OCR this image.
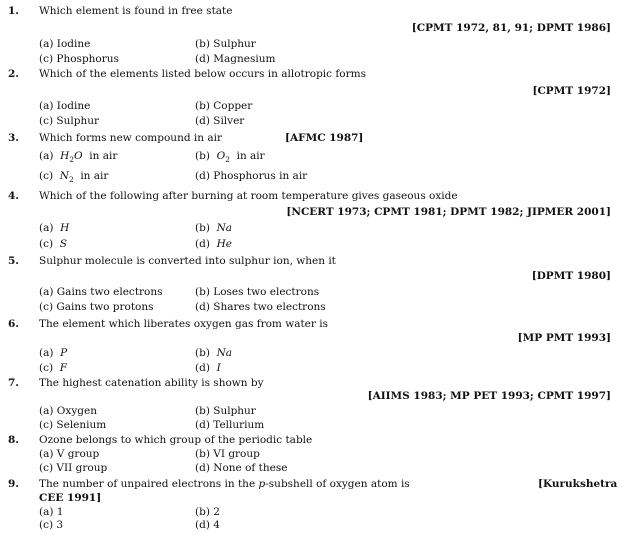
1. Which element is found in free state
[CPMT 1972, 81, 91; DPMT 1986]
(a) Iodine	(b) Sulphur
(c) Phosphorus	(d) Magnesium
2. Which of the elements listed below occurs in allotropic forms
[CPMT 1972]
(a) Iodine	(b) Copper
(c) Sulphur	(d) Silver
3. Which forms new compound in air	[AFMC 1987]
(a) $H_2O$ in air	(b) $O_2$ in air
(c) $N_2$ in air	(d) Phosphorus in air
4. Which of the following after burning at room temperature gives gaseous oxide
[NCERT 1973; CPMT 1981; DPMT 1982; JIPMER 2001]
(a) H	(b) Na
(c) S	(d) He
5. Sulphur molecule is converted into sulphur ion, when it
[DPMT 1980]
(a) Gains two electrons	(b) Loses two electrons
(c) Gains two protons	(d) Shares two electrons
6. The element which liberates oxygen gas from water is
[MP PMT 1993]
(a) P	(b) Na
(c) F	(d) I
7. The highest catenation ability is shown by
[AIIMS 1983; MP PET 1993; CPMT 1997]
(a) Oxygen	(b) Sulphur
(c) Selenium	(d) Tellurium
8. Ozone belongs to which group of the periodic table
(a) V group	(b) VI group
(c) VII group	(d) None of these
9. The number of unpaired electrons in the p-subshell of oxygen atom is	[Kurukshetra
CEE 1991]
(a) 1	(b) 2
(c) 3	(d) 4
